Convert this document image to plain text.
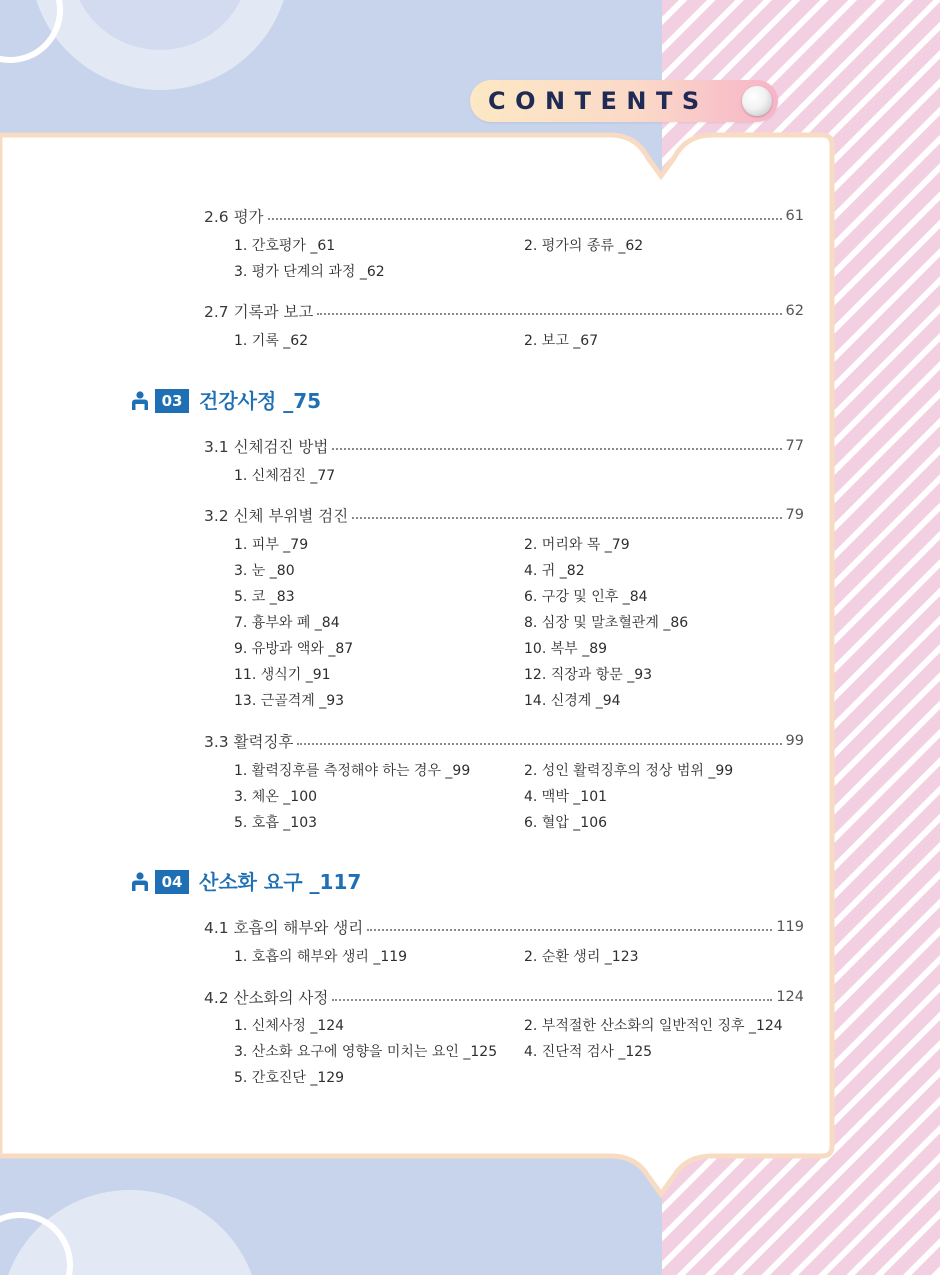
CONTENTS
2.6 평가	61
1. 간호평가 _61	2. 평가의 종류 _62
3. 평가 단계의 과정 _62
2.7 기록과 보고	62
1. 기록 _62	2. 보고 _67
03 건강사정 _75
3.1 신체검진 방법	77
1. 신체검진 _77
3.2 신체 부위별 검진	79
1. 피부 _79	2. 머리와 목 _79
3. 눈 _80	4. 귀 _82
5. 코 _83	6. 구강 및 인후 _84
7. 흉부와 폐 _84	8. 심장 및 말초혈관계 _86
9. 유방과 액와 _87	10. 복부 _89
11. 생식기 _91	12. 직장과 항문 _93
13. 근골격계 _93	14. 신경계 _94
3.3 활력징후	99
1. 활력징후를 측정해야 하는 경우 _99	2. 성인 활력징후의 정상 범위 _99
3. 체온 _100	4. 맥박 _101
5. 호흡 _103	6. 혈압 _106
04 산소화 요구 _117
4.1 호흡의 해부와 생리	119
1. 호흡의 해부와 생리 _119	2. 순환 생리 _123
4.2 산소화의 사정	124
1. 신체사정 _124	2. 부적절한 산소화의 일반적인 징후 _124
3. 산소화 요구에 영향을 미치는 요인 _125 4. 진단적 검사 _125
5. 간호진단 _129
